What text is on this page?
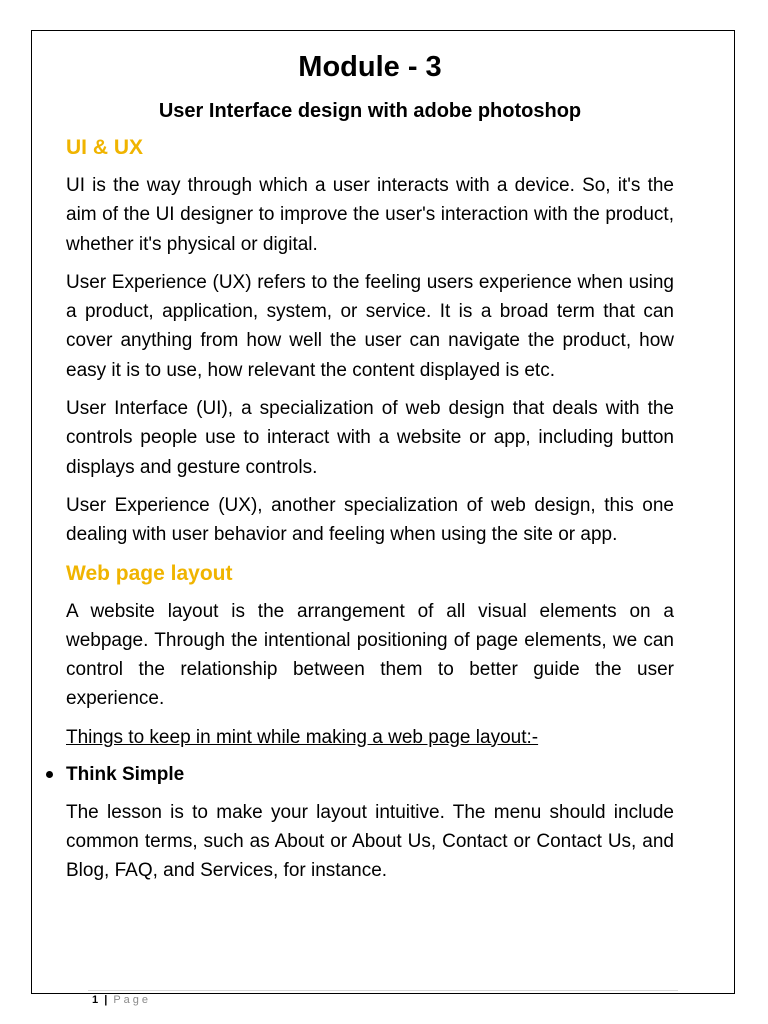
Module - 3
User Interface design with adobe photoshop
UI & UX

UI is the way through which a user interacts with a device. So, it's the aim of the UI designer to improve the user's interaction with the product, whether it's physical or digital.

User Experience (UX) refers to the feeling users experience when using a product, application, system, or service. It is a broad term that can cover anything from how well the user can navigate the product, how easy it is to use, how relevant the content displayed is etc.

User Interface (UI), a specialization of web design that deals with the controls people use to interact with a website or app, including button displays and gesture controls.

User Experience (UX), another specialization of web design, this one dealing with user behavior and feeling when using the site or app.

Web page layout

A website layout is the arrangement of all visual elements on a webpage. Through the intentional positioning of page elements, we can control the relationship between them to better guide the user experience.

Things to keep in mint while making a web page layout:-

Think Simple

The lesson is to make your layout intuitive. The menu should include common terms, such as About or About Us, Contact or Contact Us, and Blog, FAQ, and Services, for instance.

1 | Page
